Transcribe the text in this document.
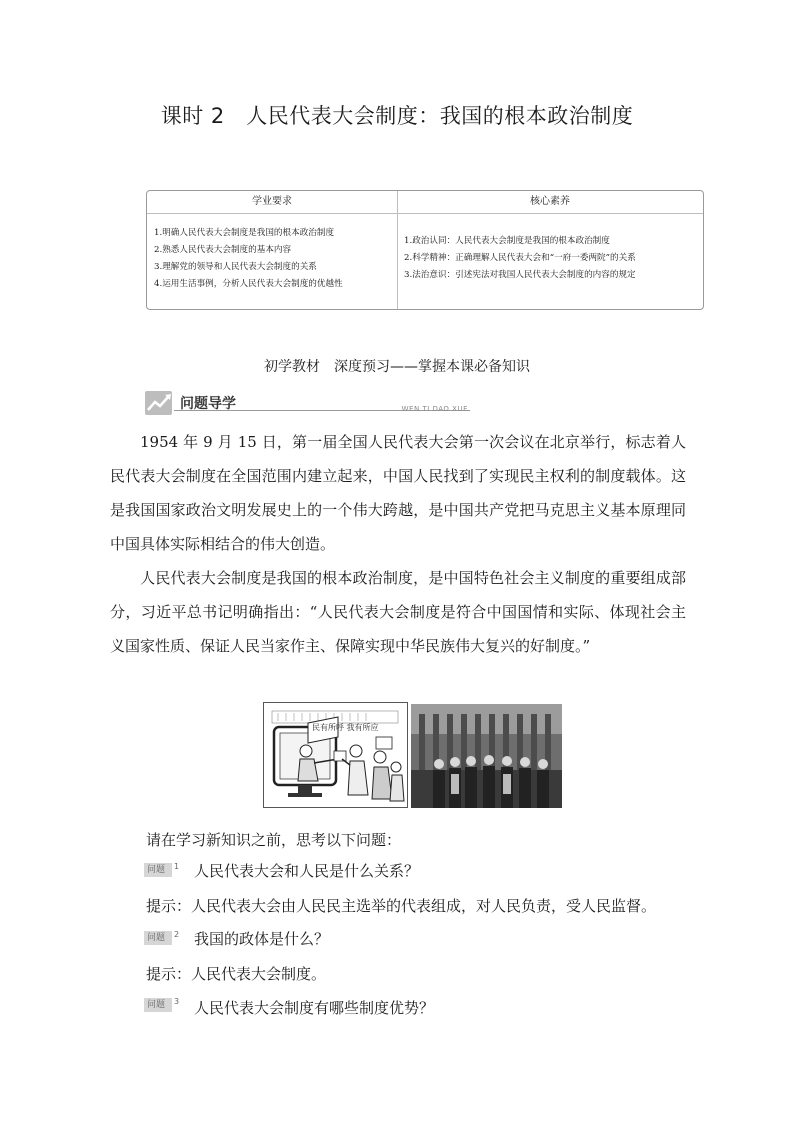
课时 2　人民代表大会制度：我国的根本政治制度
学业要求	核心素养
1.明确人民代表大会制度是我国的根本政治制度
2.熟悉人民代表大会制度的基本内容
3.理解党的领导和人民代表大会制度的关系
4.运用生活事例，分析人民代表大会制度的优越性
1.政治认同：人民代表大会制度是我国的根本政治制度
2.科学精神：正确理解人民代表大会和“一府一委两院”的关系
3.法治意识：引述宪法对我国人民代表大会制度的内容的规定
初学教材　深度预习——掌握本课必备知识
问题导学	WEN TI DAO XUE

1954 年 9 月 15 日，第一届全国人民代表大会第一次会议在北京举行，标志着人民代表大会制度在全国范围内建立起来，中国人民找到了实现民主权利的制度载体。这是我国国家政治文明发展史上的一个伟大跨越，是中国共产党把马克思主义基本原理同中国具体实际相结合的伟大创造。

人民代表大会制度是我国的根本政治制度，是中国特色社会主义制度的重要组成部分，习近平总书记明确指出：“人民代表大会制度是符合中国国情和实际、体现社会主义国家性质、保证人民当家作主、保障实现中华民族伟大复兴的好制度。”

民有所呼 我有所应
请在学习新知识之前，思考以下问题：
问题 1 人民代表大会和人民是什么关系？
提示：人民代表大会由人民民主选举的代表组成，对人民负责，受人民监督。
问题 2 我国的政体是什么？
提示：人民代表大会制度。
问题 3 人民代表大会制度有哪些制度优势？
